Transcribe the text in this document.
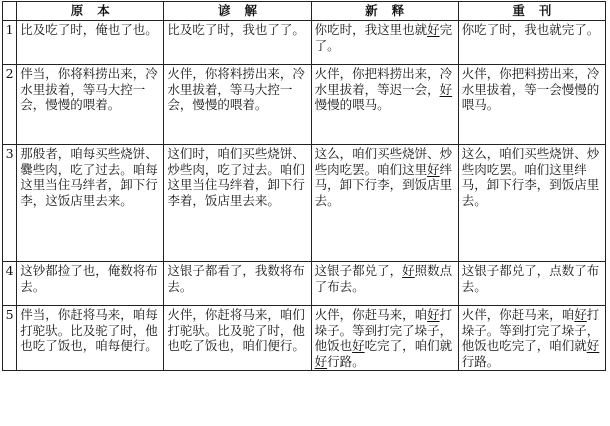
	原本	谚解	新释	重刊
1	比及吃了时，俺也了也。	比及吃了时，我也了了。	你吃时，我这里也就好完了。	你吃了时，我也就完了。
2	伴当，你将料捞出来，冷水里拔着，等马大控一会，慢慢的喂着。	火伴，你将料捞出来，冷水里拔着，等马大控一会，慢慢的喂着。	火伴，你把料捞出来，冷水里拔着，等迟一会，好慢慢的喂马。	火伴，你把料捞出来，冷水里拔着，等一会慢慢的喂马。
3	那般者，咱每买些烧饼、爨些肉，吃了过去。咱每这里当住马绊者，卸下行李，这饭店里去来。	这们时，咱们买些烧饼、炒些肉，吃了过去。咱们这里当住马绊着，卸下行李着，饭店里去来。	这么，咱们买些烧饼、炒些肉吃罢。咱们这里好绊马，卸下行李，到饭店里去。	这么，咱们买些烧饼、炒些肉吃罢。咱们这里绊马，卸下行李，到饭店里去。
4	这钞都捡了也，俺数将布去。	这银子都看了，我数将布去。	这银子都兑了，好照数点了布去。	这银子都兑了，点数了布去。
5	伴当，你赶将马来，咱每打驼驮。比及驼了时，他也吃了饭也，咱每便行。	火伴，你赶将马来，咱们打驼驮。比及驼了时，他也吃了饭也，咱们便行。	火伴，你赶马来，咱好打垛子。等到打完了垛子，他饭也好吃完了，咱们就好行路。	火伴，你赶马来，咱好打垛子。等到打完了垛子，他饭也吃完了，咱们就好行路。
